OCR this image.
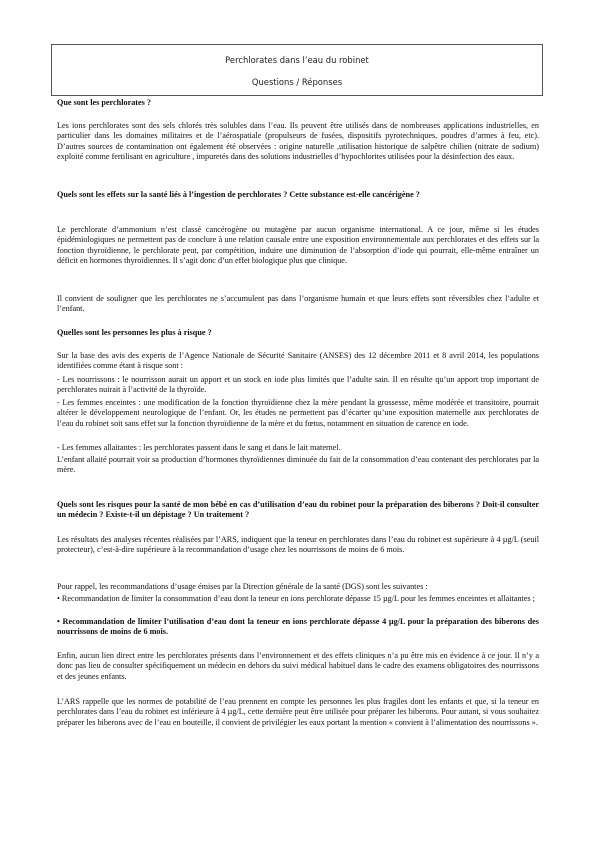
Perchlorates dans l’eau du robinet
Questions / Réponses
Que sont les perchlorates ?

Les ions perchlorates sont des sels chlorés très solubles dans l’eau. Ils peuvent être utilisés dans de nombreuses applications industrielles, en particulier dans les domaines militaires et de l’aérospatiale (propulseurs de fusées, dispositifs pyrotechniques, poudres d’armes à feu, etc). D’autres sources de contamination ont également été observées : origine naturelle ,utilisation historique de salpêtre chilien (nitrate de sodium) exploité comme fertilisant en agriculture , impuretés dans des solutions industrielles d’hypochlorites utilisées pour la désinfection des eaux.

Quels sont les effets sur la santé liés à l’ingestion de perchlorates ? Cette substance est-elle cancérigène ?

Le perchlorate d’ammonium n’est classé cancérogène ou mutagène par aucun organisme international. A ce jour, même si les études épidémiologiques ne permettent pas de conclure à une relation causale entre une exposition environnementale aux perchlorates et des effets sur la fonction thyroïdienne, le perchlorate peut, par compétition, induire une diminution de l’absorption d’iode qui pourrait, elle-même entraîner un déficit en hormones thyroïdiennes. Il s’agit donc d’un effet biologique plus que clinique.

Il convient de souligner que les perchlorates ne s’accumulent pas dans l’organisme humain et que leurs effets sont réversibles chez l’adulte et l’enfant.

Quelles sont les personnes les plus à risque ?

Sur la base des avis des experts de l’Agence Nationale de Sécurité Sanitaire (ANSES) des 12 décembre 2011 et 8 avril 2014, les populations identifiées comme étant à risque sont :

- Les nourrissons : le nourrisson aurait un apport et un stock en iode plus limités que l’adulte sain. Il en résulte qu’un apport trop important de perchlorates nuirait à l’activité de la thyroïde.

- Les femmes enceintes : une modification de la fonction thyroïdienne chez la mère pendant la grossesse, même modérée et transitoire, pourrait altérer le développement neurologique de l’enfant. Or, les études ne permettent pas d’écarter qu’une exposition maternelle aux perchlorates de l’eau du robinet soit sans effet sur la fonction thyroïdienne de la mère et du fœtus, notamment en situation de carence en iode.

- Les femmes allaitantes : les perchlorates passent dans le sang et dans le lait maternel.

L’enfant allaité pourrait voir sa production d’hormones thyroïdiennes diminuée du fait de la consommation d’eau contenant des perchlorates par la mère.

Quels sont les risques pour la santé de mon bébé en cas d’utilisation d’eau du robinet pour la préparation des biberons ? Doit-il consulter un médecin ? Existe-t-il un dépistage ? Un traitement ?

Les résultats des analyses récentes réalisées par l’ARS, indiquent que la teneur en perchlorates dans l’eau du robinet est supérieure à 4 µg/L (seuil protecteur), c’est-à-dire supérieure à la recommandation d’usage chez les nourrissons de moins de 6 mois.

Pour rappel, les recommandations d’usage émises par la Direction générale de la santé (DGS) sont les suivantes :

• Recommandation de limiter la consommation d’eau dont la teneur en ions perchlorate dépasse 15 µg/L pour les femmes enceintes et allaitantes ;

• Recommandation de limiter l’utilisation d’eau dont la teneur en ions perchlorate dépasse 4 µg/L pour la préparation des biberons des nourrissons de moins de 6 mois.

Enfin, aucun lien direct entre les perchlorates présents dans l’environnement et des effets cliniques n’a pu être mis en évidence à ce jour. Il n’y a donc pas lieu de consulter spécifiquement un médecin en dehors du suivi médical habituel dans le cadre des examens obligatoires des nourrissons et des jeunes enfants.

L’ARS rappelle que les normes de potabilité de l’eau prennent en compte les personnes les plus fragiles dont les enfants et que, si la teneur en perchlorates dans l’eau du robinet est inférieure à 4 µg/L, cette dernière peut être utilisée pour préparer les biberons. Pour autant, si vous souhaitez préparer les biberons avec de l’eau en bouteille, il convient de privilégier les eaux portant la mention « convient à l’alimentation des nourrissons ».
